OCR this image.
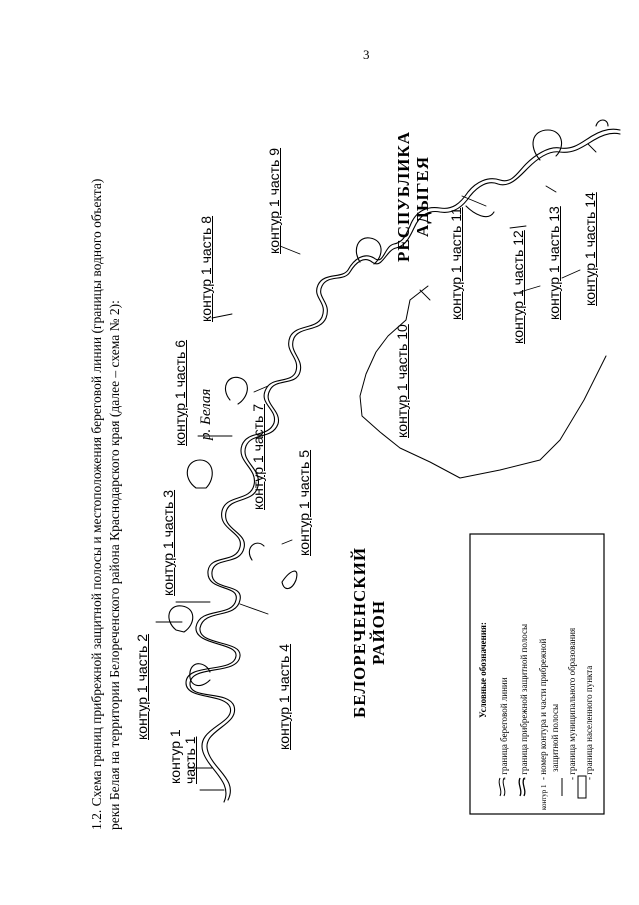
3
1.2. Схема границ прибрежной защитной полосы и местоположения береговой линии (границы водного объекта) реки Белая на территории Белореченского района Краснодарского края (далее – схема № 2):	контур 1 часть 1
контур 1 часть 2
контур 1 часть 3
контур 1 часть 4
контур 1 часть 5
контур 1 часть 6
контур 1 часть 7
контур 1 часть 8
контур 1 часть 9
контур 1 часть 10
контур 1 часть 11	контур 1 часть 12 контур 1 часть 13 контур 1 часть 14
р. Белая
БЕЛОРЕЧЕНСКИЙ РАЙОН
РЕСПУБЛИКА АДЫГЕЯ
Условные обозначения:
- граница береговой линии - граница прибрежной защитной полосы
контур 1- номер контура и части прибрежной защитной полосы - граница муниципального образования - граница населенного пункта
